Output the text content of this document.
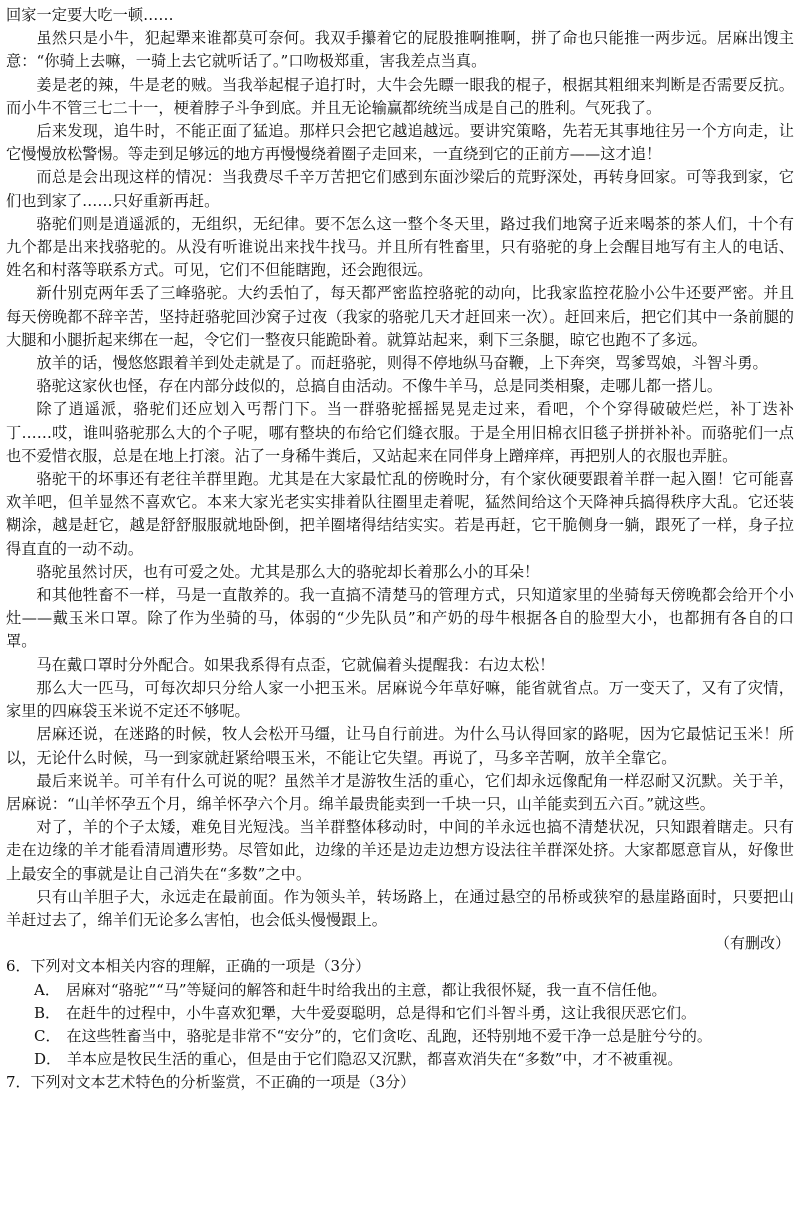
回家一定要大吃一顿……

虽然只是小牛，犯起犟来谁都莫可奈何。我双手攥着它的屁股推啊推啊，拼了命也只能推一两步远。居麻出馊主意：“你骑上去嘛，一骑上去它就听话了。”口吻极郑重，害我差点当真。

姜是老的辣，牛是老的贼。当我举起棍子追打时，大牛会先瞟一眼我的棍子，根据其粗细来判断是否需要反抗。而小牛不管三七二十一，梗着脖子斗争到底。并且无论输赢都统统当成是自己的胜利。气死我了。

后来发现，追牛时，不能正面了猛追。那样只会把它越追越远。要讲究策略，先若无其事地往另一个方向走，让它慢慢放松警惕。等走到足够远的地方再慢慢绕着圈子走回来，一直绕到它的正前方——这才追！

而总是会出现这样的情况：当我费尽千辛万苦把它们感到东面沙梁后的荒野深处，再转身回家。可等我到家，它们也到家了……只好重新再赶。

骆驼们则是逍遥派的，无组织，无纪律。要不怎么这一整个冬天里，路过我们地窝子近来喝茶的茶人们，十个有九个都是出来找骆驼的。从没有听谁说出来找牛找马。并且所有牲畜里，只有骆驼的身上会醒目地写有主人的电话、姓名和村落等联系方式。可见，它们不但能瞎跑，还会跑很远。

新什别克两年丢了三峰骆驼。大约丢怕了，每天都严密监控骆驼的动向，比我家监控花脸小公牛还要严密。并且每天傍晚都不辞辛苦，坚持赶骆驼回沙窝子过夜（我家的骆驼几天才赶回来一次）。赶回来后，把它们其中一条前腿的大腿和小腿折起来绑在一起，令它们一整夜只能跪卧着。就算站起来，剩下三条腿，晾它也跑不了多远。

放羊的话，慢悠悠跟着羊到处走就是了。而赶骆驼，则得不停地纵马奋鞭，上下奔突，骂爹骂娘，斗智斗勇。

骆驼这家伙也怪，存在内部分歧似的，总搞自由活动。不像牛羊马，总是同类相聚，走哪儿都一搭儿。

除了逍遥派，骆驼们还应划入丐帮门下。当一群骆驼摇摇晃晃走过来，看吧，个个穿得破破烂烂，补丁迭补丁……哎，谁叫骆驼那么大的个子呢，哪有整块的布给它们缝衣服。于是全用旧棉衣旧毯子拼拼补补。而骆驼们一点也不爱惜衣服，总是在地上打滚。沾了一身稀牛粪后，又站起来在同伴身上蹭痒痒，再把别人的衣服也弄脏。

骆驼干的坏事还有老往羊群里跑。尤其是在大家最忙乱的傍晚时分，有个家伙硬要跟着羊群一起入圈！它可能喜欢羊吧，但羊显然不喜欢它。本来大家光老实实排着队往圈里走着呢，猛然间给这个天降神兵搞得秩序大乱。它还装糊涂，越是赶它，越是舒舒服服就地卧倒，把羊圈堵得结结实实。若是再赶，它干脆侧身一躺，跟死了一样，身子拉得直直的一动不动。

骆驼虽然讨厌，也有可爱之处。尤其是那么大的骆驼却长着那么小的耳朵！

和其他牲畜不一样，马是一直散养的。我一直搞不清楚马的管理方式，只知道家里的坐骑每天傍晚都会给开个小灶——戴玉米口罩。除了作为坐骑的马，体弱的“少先队员”和产奶的母牛根据各自的脸型大小，也都拥有各自的口罩。

马在戴口罩时分外配合。如果我系得有点歪，它就偏着头提醒我：右边太松！

那么大一匹马，可每次却只分给人家一小把玉米。居麻说今年草好嘛，能省就省点。万一变天了，又有了灾情，家里的四麻袋玉米说不定还不够呢。

居麻还说，在迷路的时候，牧人会松开马缰，让马自行前进。为什么马认得回家的路呢，因为它最惦记玉米！所以，无论什么时候，马一到家就赶紧给喂玉米，不能让它失望。再说了，马多辛苦啊，放羊全靠它。

最后来说羊。可羊有什么可说的呢？虽然羊才是游牧生活的重心，它们却永远像配角一样忍耐又沉默。关于羊，居麻说：“山羊怀孕五个月，绵羊怀孕六个月。绵羊最贵能卖到一千块一只，山羊能卖到五六百。”就这些。

对了，羊的个子太矮，难免目光短浅。当羊群整体移动时，中间的羊永远也搞不清楚状况，只知跟着瞎走。只有走在边缘的羊才能看清周遭形势。尽管如此，边缘的羊还是边走边想方设法往羊群深处挤。大家都愿意盲从，好像世上最安全的事就是让自己消失在“多数”之中。

只有山羊胆子大，永远走在最前面。作为领头羊，转场路上，在通过悬空的吊桥或狭窄的悬崖路面时，只要把山羊赶过去了，绵羊们无论多么害怕，也会低头慢慢跟上。

（有删改）

6．下列对文本相关内容的理解，正确的一项是（3分）

A． 居麻对“骆驼”“马”等疑问的解答和赶牛时给我出的主意，都让我很怀疑，我一直不信任他。

B． 在赶牛的过程中，小牛喜欢犯犟，大牛爱耍聪明，总是得和它们斗智斗勇，这让我很厌恶它们。

C． 在这些牲畜当中，骆驼是非常不“安分”的，它们贪吃、乱跑，还特别地不爱干净一总是脏兮兮的。

D． 羊本应是牧民生活的重心，但是由于它们隐忍又沉默，都喜欢消失在“多数”中，才不被重视。

7．下列对文本艺术特色的分析鉴赏，不正确的一项是（3分）
